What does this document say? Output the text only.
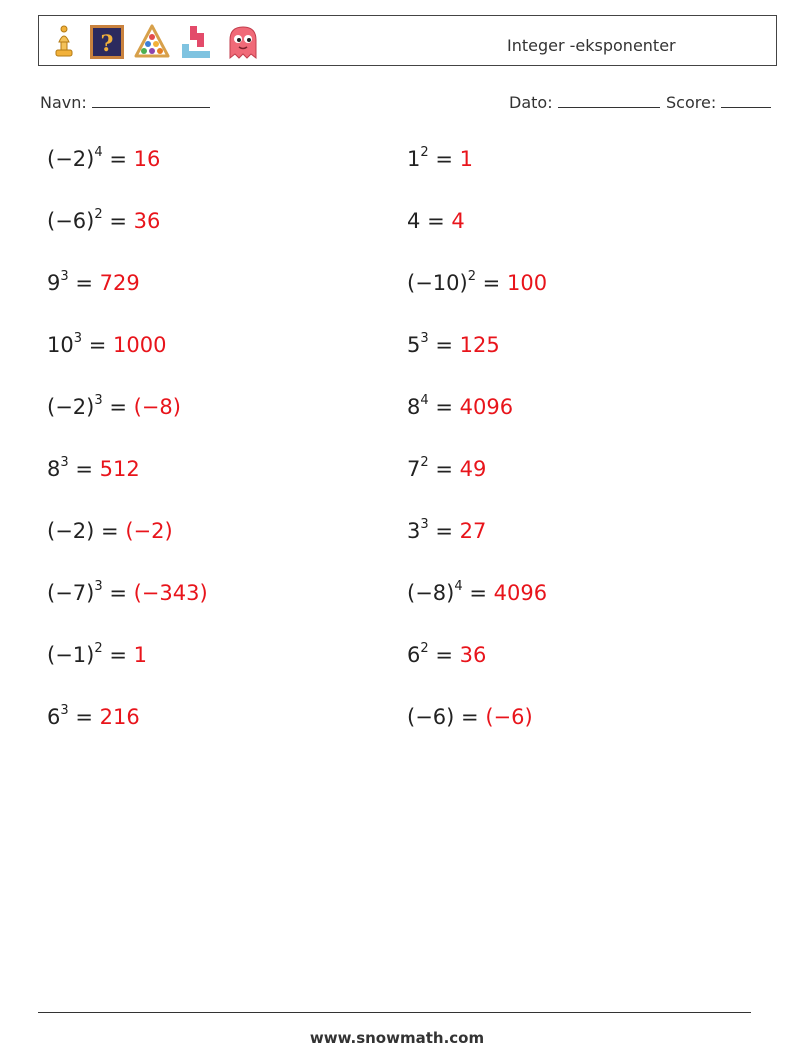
?	Integer -eksponenter
Navn:	Dato:	Score:
$(-2)^4 = 16$	$1^2 = 1$
$(-6)^2 = 36$	4 = 4
$9^3 = 729$	$(-10)^2 = 100$
$10^3 = 1000$	$5^3 = 125$
$(-2)^3 = (-8)$	$8^4 = 4096$
$8^3 = 512$	$7^2 = 49$
(−2) = (−2)	$3^3 = 27$
$(-7)^3 = (-343)$	$(-8)^4 = 4096$
$(-1)^2 = 1$	$6^2 = 36$
$6^3 = 216$	(−6) = (−6)
www.snowmath.com
